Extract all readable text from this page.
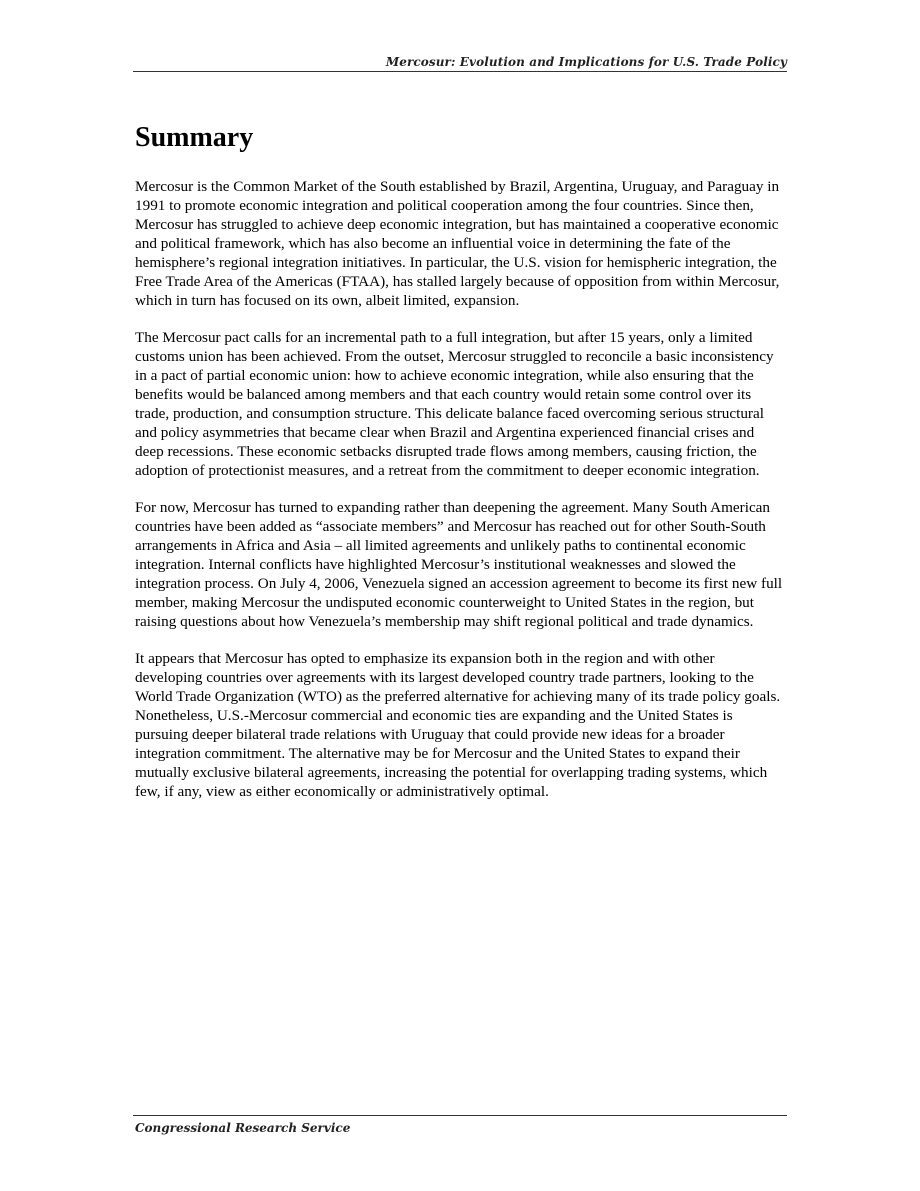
Mercosur: Evolution and Implications for U.S. Trade Policy
Summary

Mercosur is the Common Market of the South established by Brazil, Argentina, Uruguay, and Paraguay in 1991 to promote economic integration and political cooperation among the four countries. Since then, Mercosur has struggled to achieve deep economic integration, but has maintained a cooperative economic and political framework, which has also become an influential voice in determining the fate of the hemisphere’s regional integration initiatives. In particular, the U.S. vision for hemispheric integration, the Free Trade Area of the Americas (FTAA), has stalled largely because of opposition from within Mercosur, which in turn has focused on its own, albeit limited, expansion.

The Mercosur pact calls for an incremental path to a full integration, but after 15 years, only a limited customs union has been achieved. From the outset, Mercosur struggled to reconcile a basic inconsistency in a pact of partial economic union: how to achieve economic integration, while also ensuring that the benefits would be balanced among members and that each country would retain some control over its trade, production, and consumption structure. This delicate balance faced overcoming serious structural and policy asymmetries that became clear when Brazil and Argentina experienced financial crises and deep recessions. These economic setbacks disrupted trade flows among members, causing friction, the adoption of protectionist measures, and a retreat from the commitment to deeper economic integration.

For now, Mercosur has turned to expanding rather than deepening the agreement. Many South American countries have been added as “associate members” and Mercosur has reached out for other South-South arrangements in Africa and Asia – all limited agreements and unlikely paths to continental economic integration. Internal conflicts have highlighted Mercosur’s institutional weaknesses and slowed the integration process. On July 4, 2006, Venezuela signed an accession agreement to become its first new full member, making Mercosur the undisputed economic counterweight to United States in the region, but raising questions about how Venezuela’s membership may shift regional political and trade dynamics.

It appears that Mercosur has opted to emphasize its expansion both in the region and with other developing countries over agreements with its largest developed country trade partners, looking to the World Trade Organization (WTO) as the preferred alternative for achieving many of its trade policy goals. Nonetheless, U.S.-Mercosur commercial and economic ties are expanding and the United States is pursuing deeper bilateral trade relations with Uruguay that could provide new ideas for a broader integration commitment. The alternative may be for Mercosur and the United States to expand their mutually exclusive bilateral agreements, increasing the potential for overlapping trading systems, which few, if any, view as either economically or administratively optimal.

Congressional Research Service
